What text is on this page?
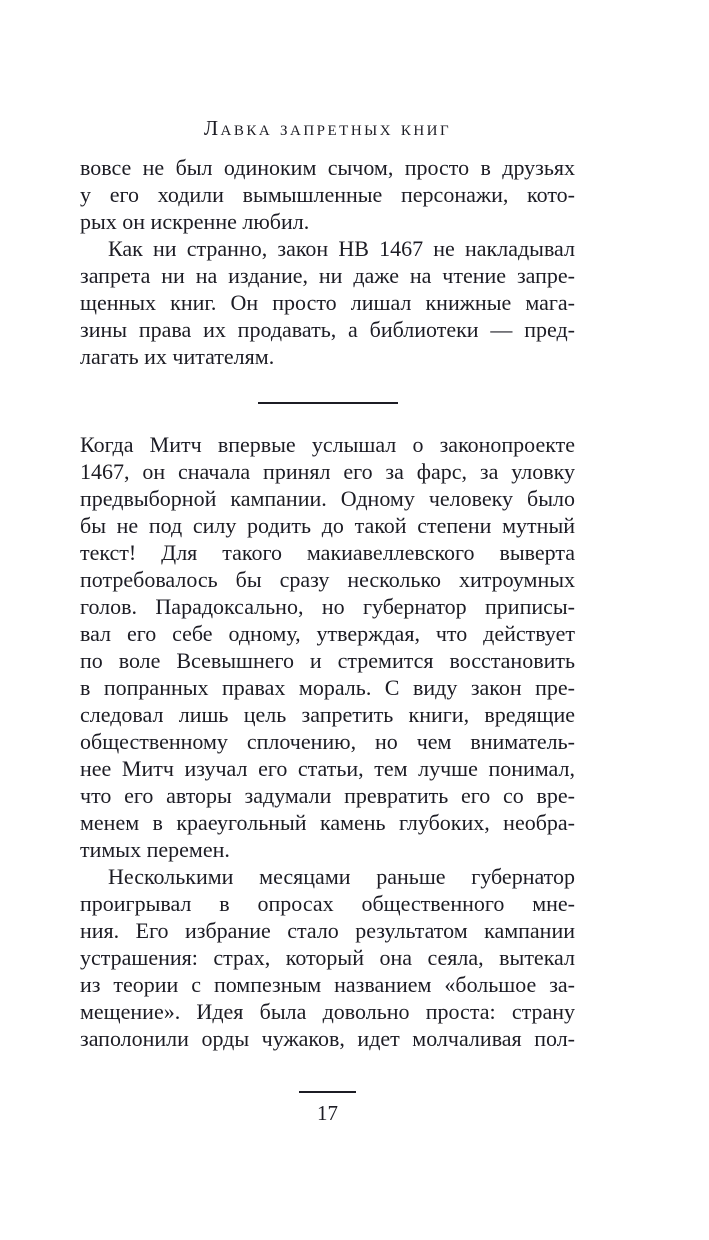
Лавка запретных книг
вовсе не был одиноким сычом, просто в друзьях
у его ходили вымышленные персонажи, кото-
рых он искренне любил.
Как ни странно, закон HB 1467 не накладывал
запрета ни на издание, ни даже на чтение запре-
щенных книг. Он просто лишал книжные мага-
зины права их продавать, а библиотеки — пред-
лагать их читателям.
Когда Митч впервые услышал о законопроекте
1467, он сначала принял его за фарс, за уловку
предвыборной кампании. Одному человеку было
бы не под силу родить до такой степени мутный
текст! Для такого макиавеллевского выверта
потребовалось бы сразу несколько хитроумных
голов. Парадоксально, но губернатор приписы-
вал его себе одному, утверждая, что действует
по воле Всевышнего и стремится восстановить
в попранных правах мораль. С виду закон пре-
следовал лишь цель запретить книги, вредящие
общественному сплочению, но чем вниматель-
нее Митч изучал его статьи, тем лучше понимал,
что его авторы задумали превратить его со вре-
менем в краеугольный камень глубоких, необра-
тимых перемен.
Несколькими месяцами раньше губернатор
проигрывал в опросах общественного мне-
ния. Его избрание стало результатом кампании
устрашения: страх, который она сеяла, вытекал
из теории с помпезным названием «большое за-
мещение». Идея была довольно проста: страну
заполонили орды чужаков, идет молчаливая пол-
17
